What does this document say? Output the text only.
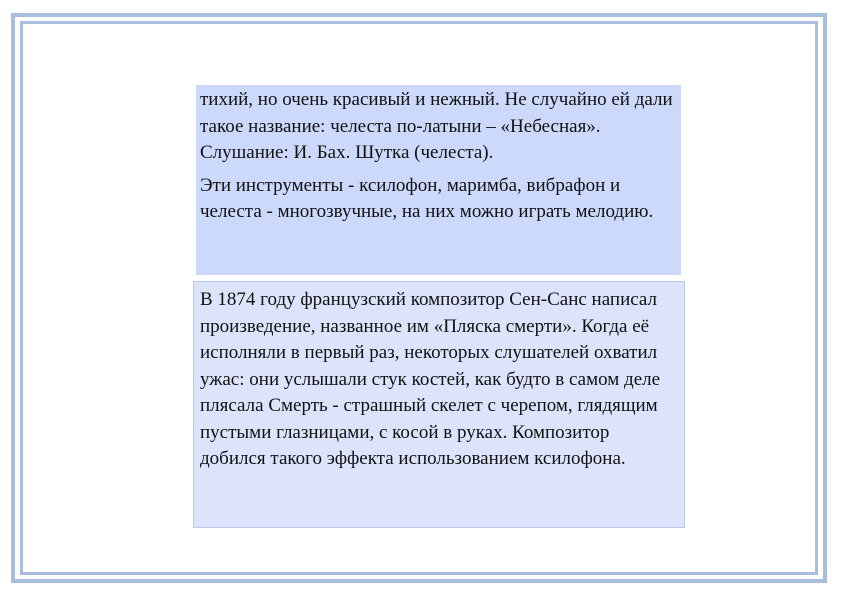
тихий, но очень красивый и нежный. Не случайно ей дали такое название: челеста по-латыни – «Небесная».

Слушание: И. Бах. Шутка (челеста).

Эти инструменты - ксилофон, маримба, вибрафон и челеста - многозвучные, на них можно играть мелодию.

В 1874 году французский композитор Сен-Санс написал произведение, названное им «Пляска смерти». Когда её исполняли в первый раз, некоторых слушателей охватил ужас: они услышали стук костей, как будто в самом деле плясала Смерть - страшный скелет с черепом, глядящим пустыми глазницами, с косой в руках. Композитор добился такого эффекта использованием ксилофона.
